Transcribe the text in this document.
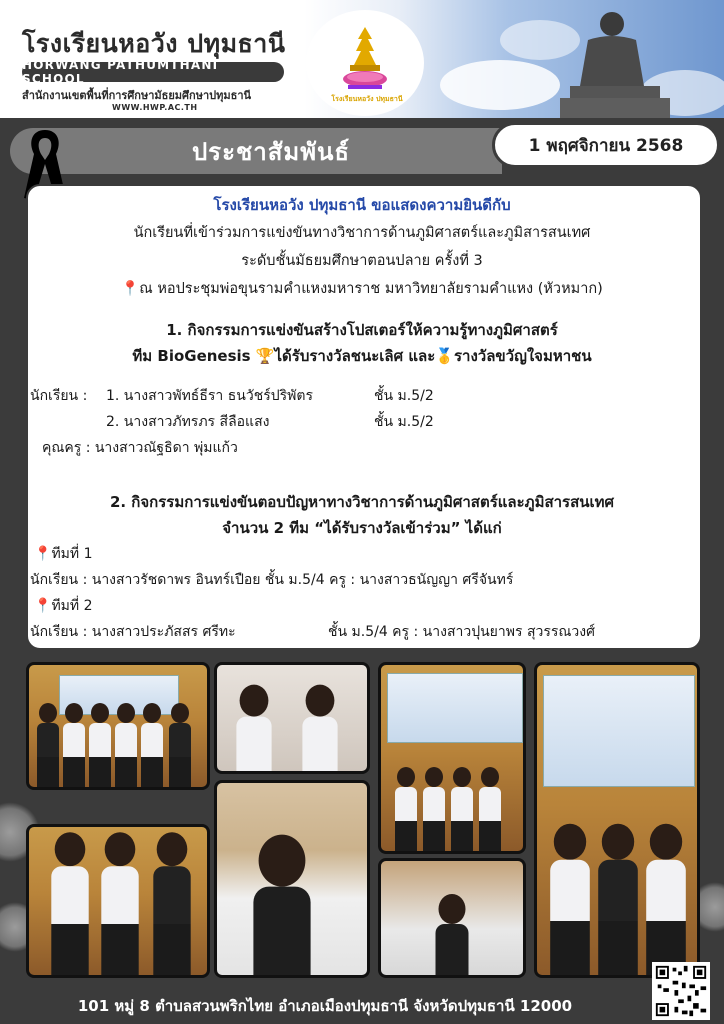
โรงเรียนหอวัง ปทุมธานี
HORWANG PATHUMTHANI SCHOOL
สำนักงานเขตพื้นที่การศึกษามัธยมศึกษาปทุมธานี
WWW.HWP.AC.TH
โรงเรียนหอวัง ปทุมธานี
ประชาสัมพันธ์	1 พฤศจิกายน 2568
โรงเรียนหอวัง ปทุมธานี ขอแสดงความยินดีกับ
นักเรียนที่เข้าร่วมการแข่งขันทางวิชาการด้านภูมิศาสตร์และภูมิสารสนเทศ
ระดับชั้นมัธยมศึกษาตอนปลาย ครั้งที่ 3
📍ณ หอประชุมพ่อขุนรามคำแหงมหาราช มหาวิทยาลัยรามคำแหง (หัวหมาก)
1. กิจกรรมการแข่งขันสร้างโปสเตอร์ให้ความรู้ทางภูมิศาสตร์
ทีม BioGenesis 🏆ได้รับรางวัลชนะเลิศ และ🥇รางวัลขวัญใจมหาชน
นักเรียน : 1. นางสาวพัทธ์ธีรา ธนวัชร์ปริพัตร	ชั้น ม.5/2
2. นางสาวภัทรภร สีลือแสง	ชั้น ม.5/2
คุณครู : นางสาวณัฐธิดา พุ่มแก้ว
2. กิจกรรมการแข่งขันตอบปัญหาทางวิชาการด้านภูมิศาสตร์และภูมิสารสนเทศ
จำนวน 2 ทีม “ได้รับรางวัลเข้าร่วม” ได้แก่
📍ทีมที่ 1
นักเรียน : นางสาวรัชดาพร อินทร์เปือย ชั้น ม.5/4 ครู : นางสาวธนัญญา ศรีจันทร์
📍ทีมที่ 2
นักเรียน : นางสาวประภัสสร ศรีทะ	ชั้น ม.5/4 ครู : นางสาวปุนยาพร สุวรรณวงศ์
101 หมู่ 8 ตำบลสวนพริกไทย อำเภอเมืองปทุมธานี จังหวัดปทุมธานี 12000
